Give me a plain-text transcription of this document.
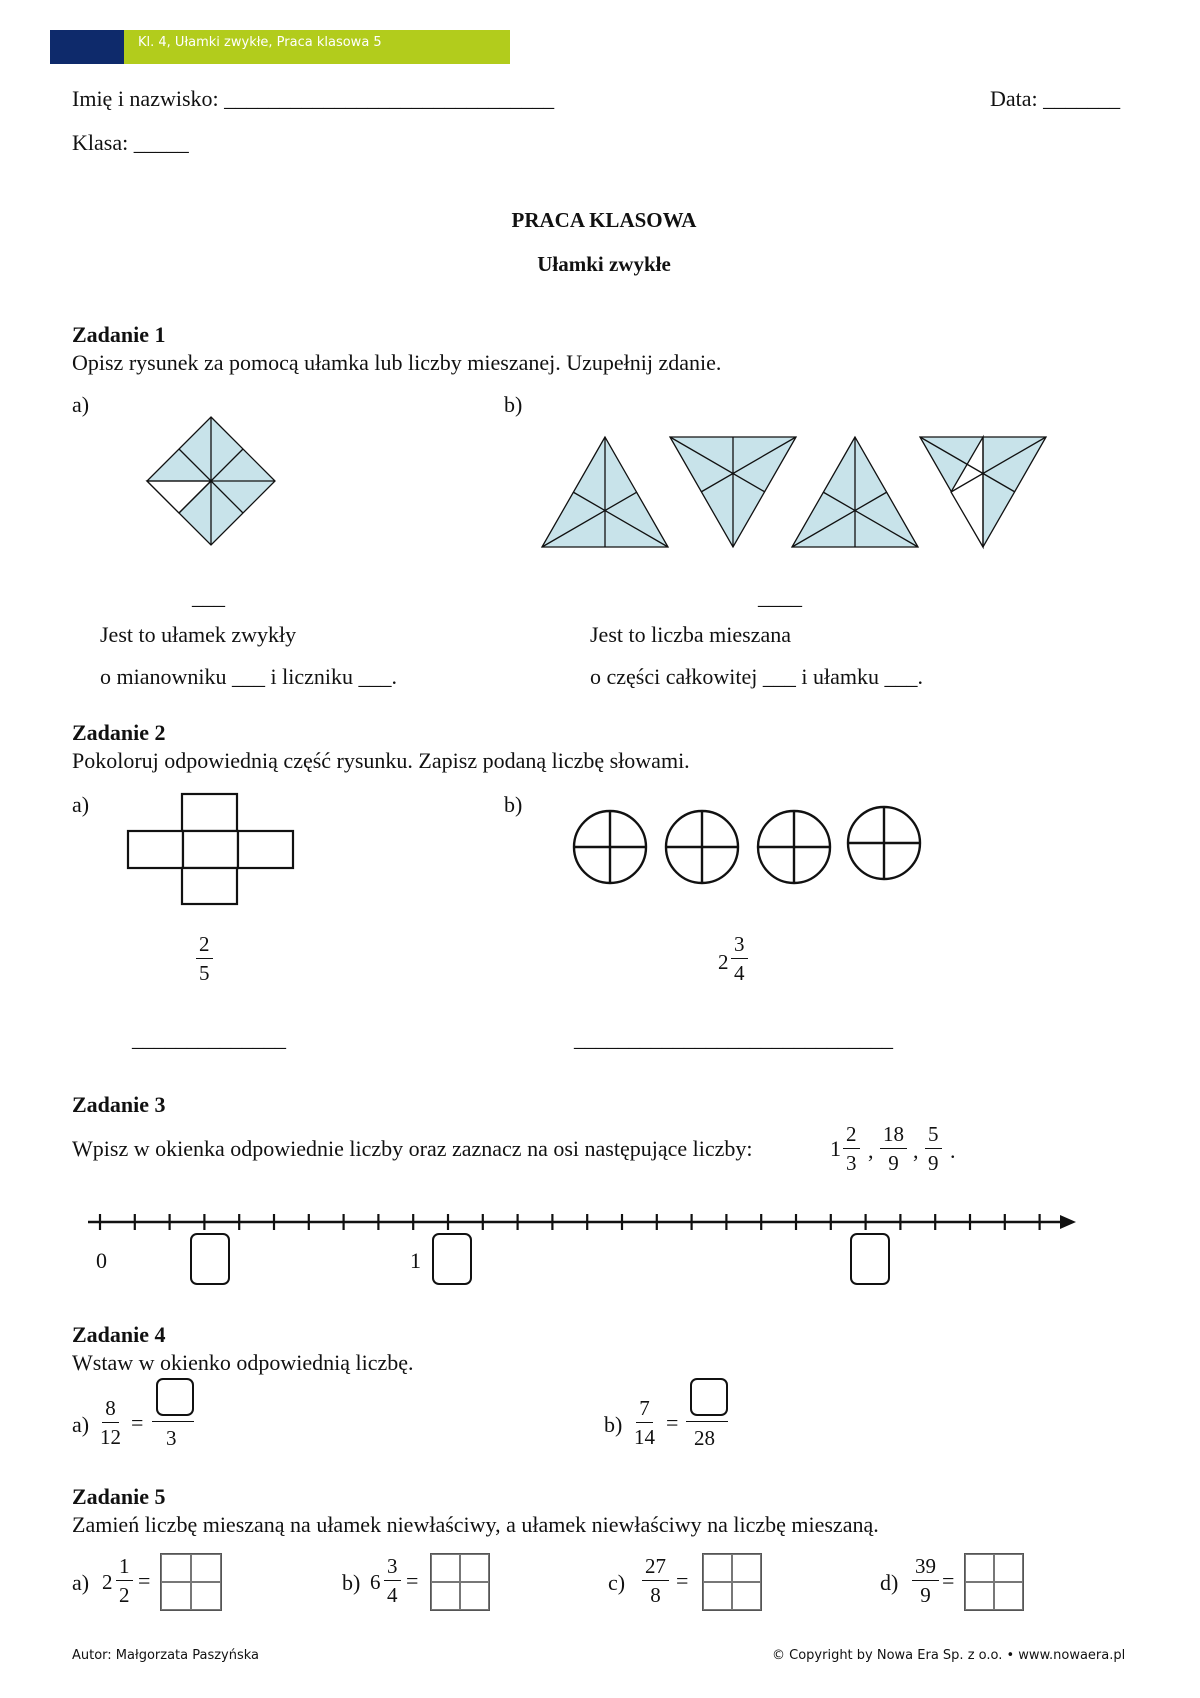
Kl. 4, Ułamki zwykłe, Praca klasowa 5
Imię i nazwisko: ______________________________	Data: _______
Klasa: _____
PRACA KLASOWA
Ułamki zwykłe
Zadanie 1
Opisz rysunek za pomocą ułamka lub liczby mieszanej. Uzupełnij zdanie.
a)	b)
___
Jest to ułamek zwykły
o mianowniku ___ i liczniku ___.
____
Jest to liczba mieszana
o części całkowitej ___ i ułamku ___.
Zadanie 2
Pokoloruj odpowiednią część rysunku. Zapisz podaną liczbę słowami.
a)	b)
$\frac{2}{5}$	$2 \frac{3}{4}$
______________	_____________________________
Zadanie 3
Wpisz w okienka odpowiednie liczby oraz zaznacz na osi następujące liczby:	$1 \frac{2}{3}$ , $\frac{18}{9}$ , $\frac{5}{9}$ .
0	1
Zadanie 4
Wstaw w okienko odpowiednią liczbę.
$a) \frac{8}{12}$ =
3
$b) \frac{7}{14}$ =
28
Zadanie 5
Zamień liczbę mieszaną na ułamek niewłaściwy, a ułamek niewłaściwy na liczbę mieszaną.
a) $2 \frac{1}{2}$ =	b) $6 \frac{3}{4}$ =	$c) \frac{27}{8}$ =	$d) \frac{39}{9}$ =
Autor: Małgorzata Paszyńska	© Copyright by Nowa Era Sp. z o.o. • www.nowaera.pl
